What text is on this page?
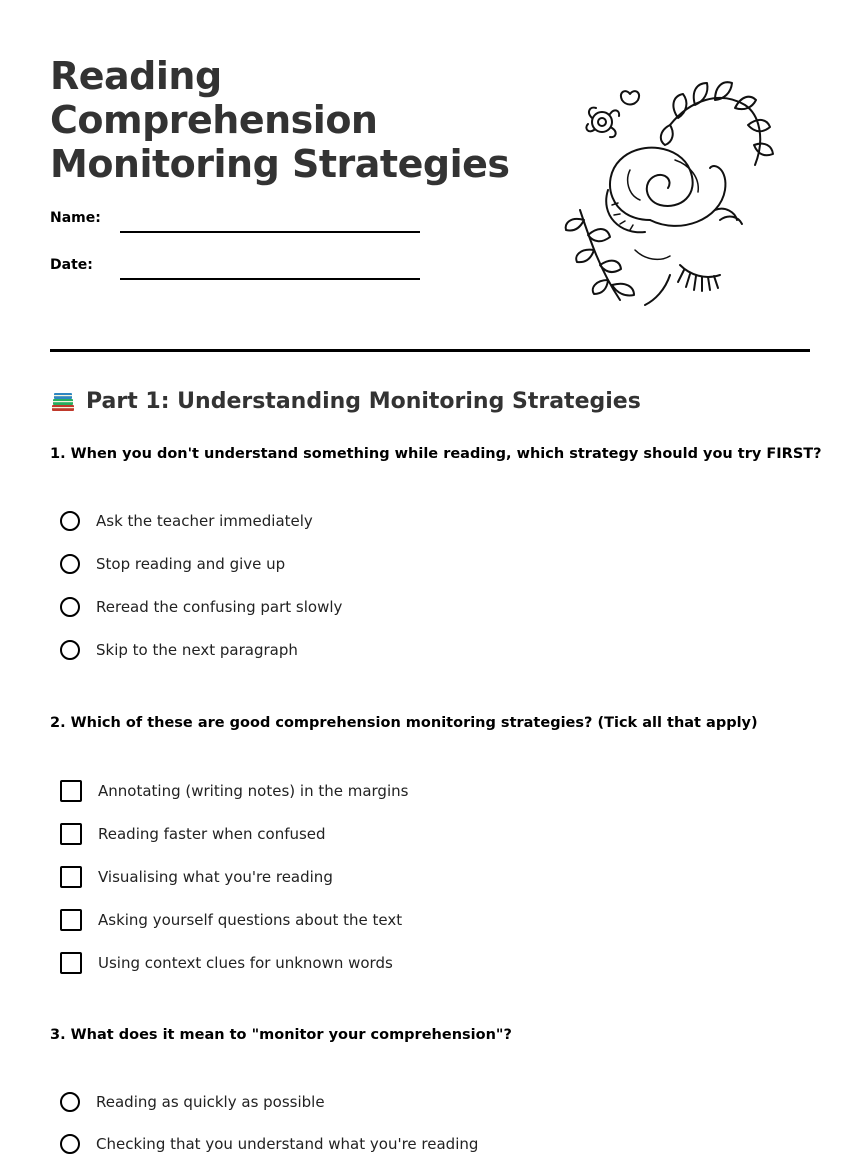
Reading
Comprehension
Monitoring Strategies
Name:
Date:
Part 1: Understanding Monitoring Strategies
1. When you don't understand something while reading, which strategy should you try FIRST?
Ask the teacher immediately
Stop reading and give up
Reread the confusing part slowly
Skip to the next paragraph
2. Which of these are good comprehension monitoring strategies? (Tick all that apply)
Annotating (writing notes) in the margins
Reading faster when confused
Visualising what you're reading
Asking yourself questions about the text
Using context clues for unknown words
3. What does it mean to "monitor your comprehension"?
Reading as quickly as possible
Checking that you understand what you're reading
